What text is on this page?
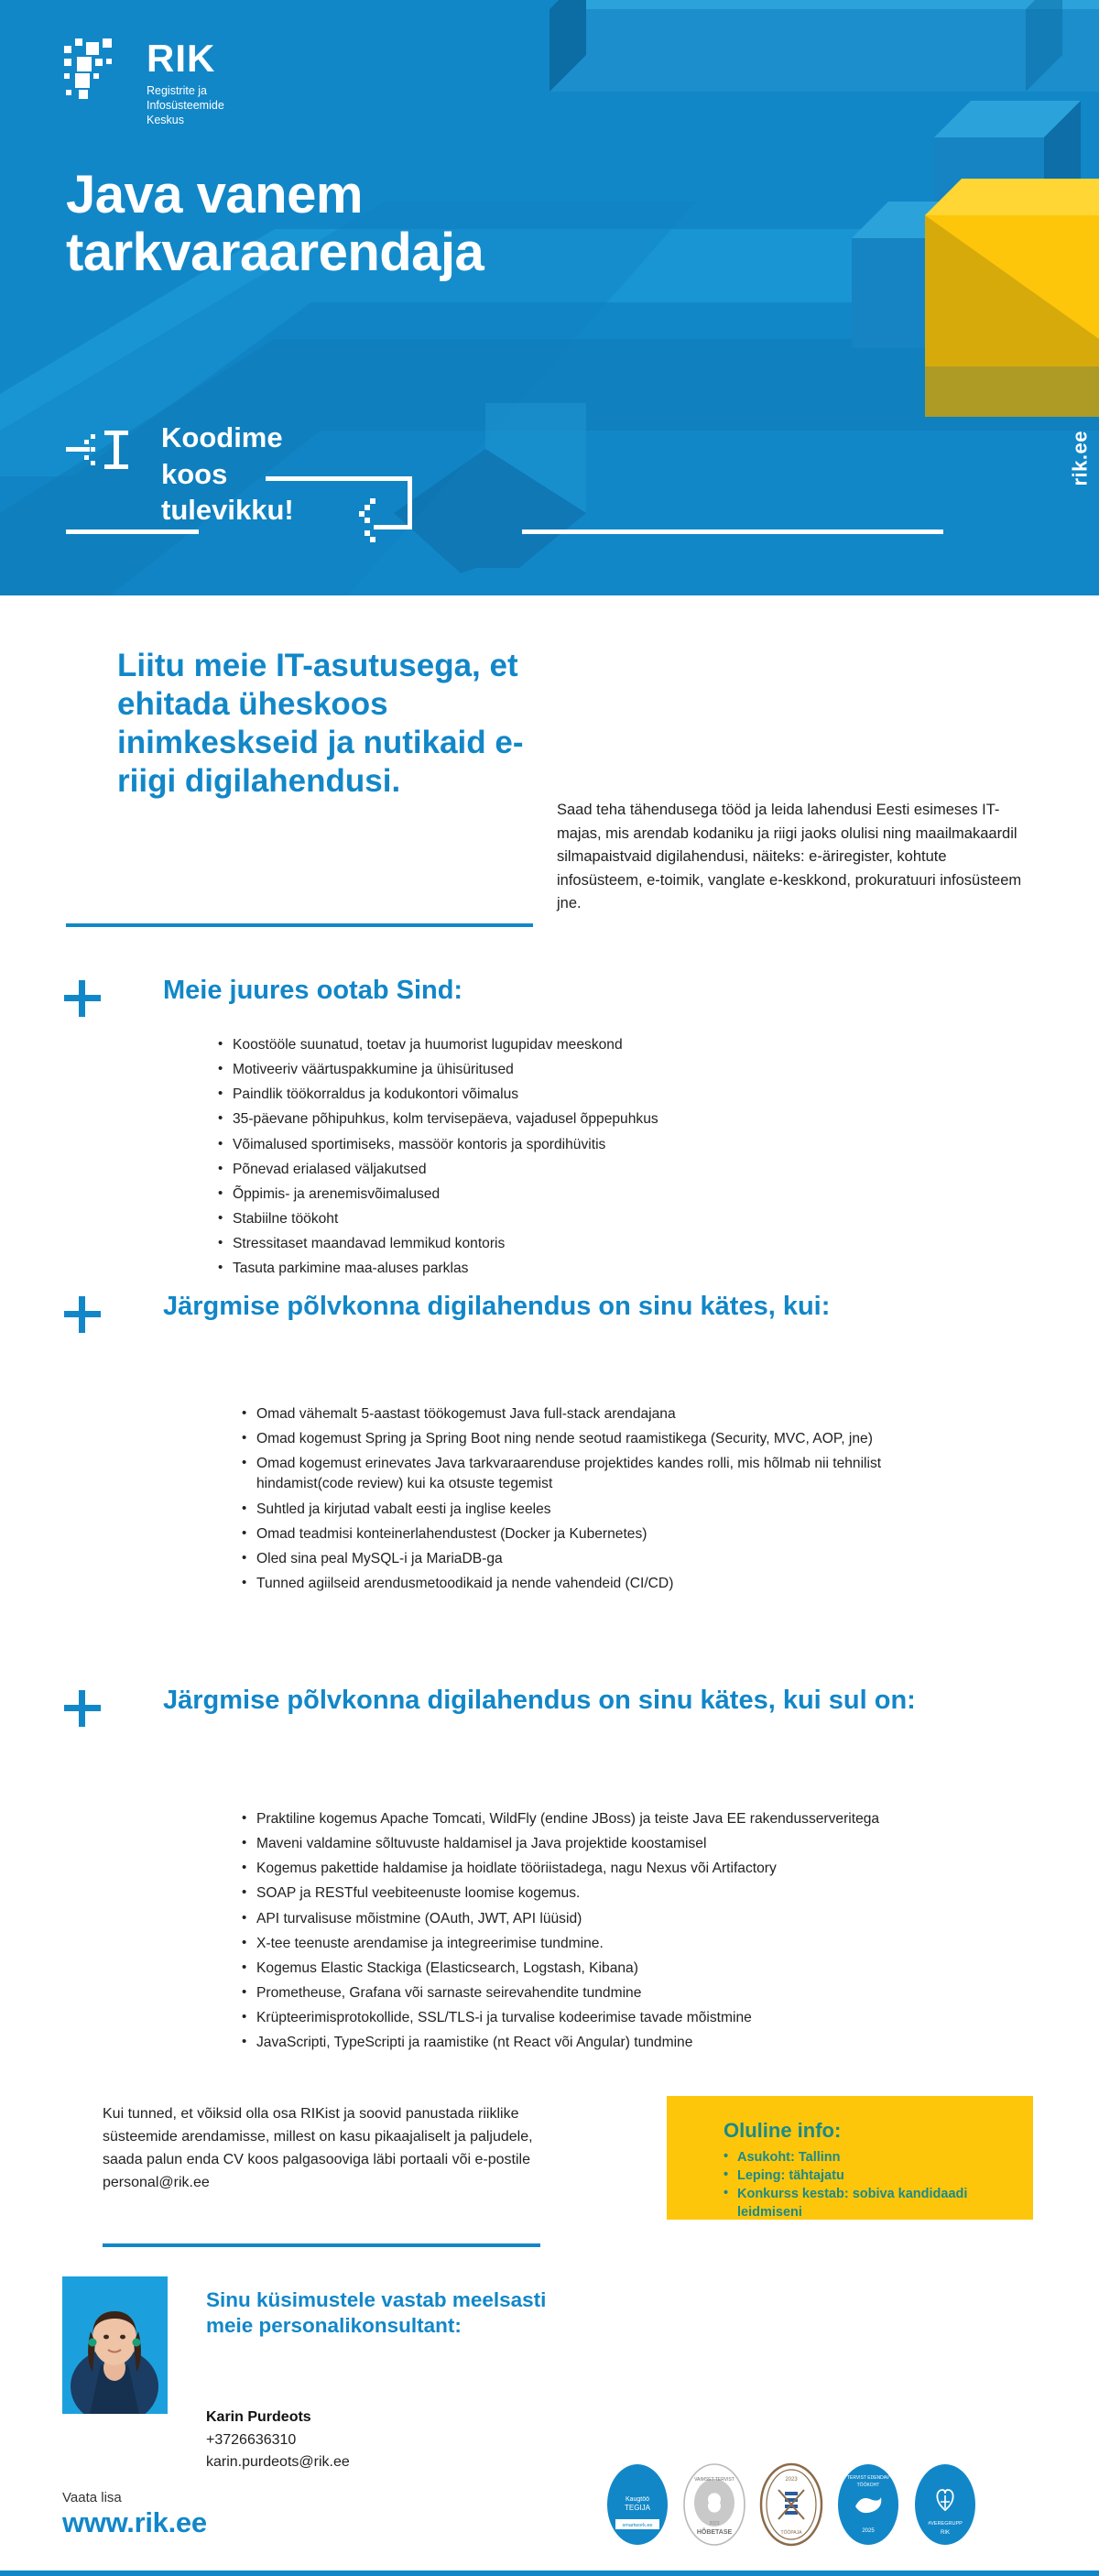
RIK
Registrite ja
Infosüsteemide
Keskus
Java vanem
tarkvaraarendaja
Koodime
koos
tulevikku!
rik.ee
Liitu meie IT-asutusega, et ehitada üheskoos inimkeskseid ja nutikaid e-riigi digilahendusi.
Saad teha tähendusega tööd ja leida lahendusi Eesti esimeses IT-majas, mis arendab kodaniku ja riigi jaoks olulisi ning maailmakaardil silmapaistvaid digilahendusi, näiteks: e-äriregister, kohtute infosüsteem, e-toimik, vanglate e-keskkond, prokuratuuri infosüsteem jne.
Meie juures ootab Sind:
• Koostööle suunatud, toetav ja huumorist lugupidav meeskond
• Motiveeriv väärtuspakkumine ja ühisüritused
• Paindlik töökorraldus ja kodukontori võimalus
• 35-päevane põhipuhkus, kolm tervisepäeva, vajadusel õppepuhkus
• Võimalused sportimiseks, massöör kontoris ja spordihüvitis
• Põnevad erialased väljakutsed
• Õppimis- ja arenemisvõimalused
• Stabiilne töökoht
• Stressitaset maandavad lemmikud kontoris
• Tasuta parkimine maa-aluses parklas
Järgmise põlvkonna digilahendus on sinu kätes, kui:
• Omad vähemalt 5-aastast töökogemust Java full-stack arendajana
• Omad kogemust Spring ja Spring Boot ning nende seotud raamistikega (Security, MVC, AOP, jne)
• Omad kogemust erinevates Java tarkvaraarenduse projektides kandes rolli, mis hõlmab nii tehnilist hindamist(code review) kui ka otsuste tegemist
• Suhtled ja kirjutad vabalt eesti ja inglise keeles
• Omad teadmisi konteinerlahendustest (Docker ja Kubernetes)
• Oled sina peal MySQL-i ja MariaDB-ga
• Tunned agiilseid arendusmetoodikaid ja nende vahendeid (CI/CD)
Järgmise põlvkonna digilahendus on sinu kätes, kui sul on:
• Praktiline kogemus Apache Tomcati, WildFly (endine JBoss) ja teiste Java EE rakendusserveritega
• Maveni valdamine sõltuvuste haldamisel ja Java projektide koostamisel
• Kogemus pakettide haldamise ja hoidlate tööriistadega, nagu Nexus või Artifactory
• SOAP ja RESTful veebiteenuste loomise kogemus.
• API turvalisuse mõistmine (OAuth, JWT, API lüüsid)
• X-tee teenuste arendamise ja integreerimise tundmine.
• Kogemus Elastic Stackiga (Elasticsearch, Logstash, Kibana)
• Prometheuse, Grafana või sarnaste seirevahendite tundmine
• Krüpteerimisprotokollide, SSL/TLS-i ja turvalise kodeerimise tavade mõistmine
• JavaScripti, TypeScripti ja raamistike (nt React või Angular) tundmine
Kui tunned, et võiksid olla osa RIKist ja soovid panustada riiklike süsteemide arendamisse, millest on kasu pikaajaliselt ja paljudele, saada palun enda CV koos palgasooviga läbi portaali või e-postile personal@rik.ee
Oluline info:
• Asukoht: Tallinn
• Leping: tähtajatu
• Konkurss kestab: sobiva kandidaadi leidmiseni
Sinu küsimustele vastab meelsasti meie personalikonsultant:
Karin Purdeots
+3726636310
karin.purdeots@rik.ee
Vaata lisa
www.rik.ee
Kaugtöö
TEGIJA
smartwork.ee
VAIMSET TERVIST
HÕBETASE
2023
2023
TÖÖPAJA
TERVIST EDENDAV
TÖÖKOHT
2025
#VEREGRUPP
RIK
